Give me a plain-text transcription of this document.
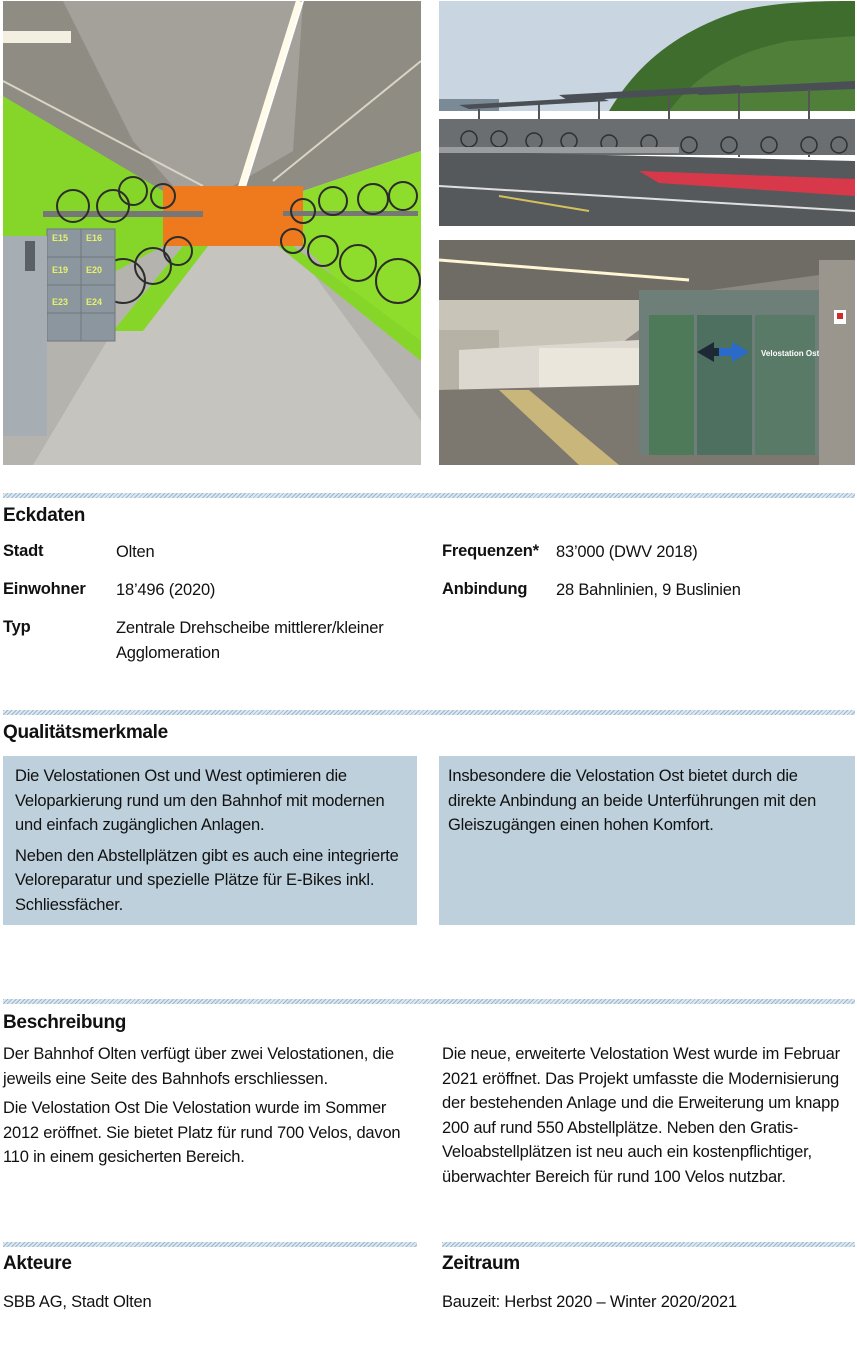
E15 E16
E19 E20
E23 E24
Velostation Ost
Eckdaten
Stadt	Olten
Einwohner 18’496 (2020)
Typ	Zentrale Drehscheibe mittlerer/kleiner Agglomeration
Frequenzen* 83’000 (DWV 2018)
Anbindung 28 Bahnlinien, 9 Buslinien
Qualitätsmerkmale

Die Velostationen Ost und West optimieren die Veloparkierung rund um den Bahnhof mit modernen und einfach zugänglichen Anlagen.

Neben den Abstellplätzen gibt es auch eine integrierte Veloreparatur und spezielle Plätze für E-Bikes inkl. Schliessfächer.

Insbesondere die Velostation Ost bietet durch die direkte Anbindung an beide Unterführungen mit den Gleiszugängen einen hohen Komfort.

Beschreibung
Der Bahnhof Olten verfügt über zwei Velostationen, die jeweils eine Seite des Bahnhofs erschliessen.
Die Velostation Ost Die Velostation wurde im Sommer 2012 eröffnet. Sie bietet Platz für rund 700 Velos, davon 110 in einem gesicherten Bereich.
Die neue, erweiterte Velostation West wurde im Februar 2021 eröffnet. Das Projekt umfasste die Modernisierung der bestehenden Anlage und die Erweiterung um knapp 200 auf rund 550 Abstellplätze. Neben den Gratis-Veloabstellplätzen ist neu auch ein kostenpflichtiger, überwachter Bereich für rund 100 Velos nutzbar.
Akteure
SBB AG, Stadt Olten
Zeitraum
Bauzeit: Herbst 2020 – Winter 2020/2021
